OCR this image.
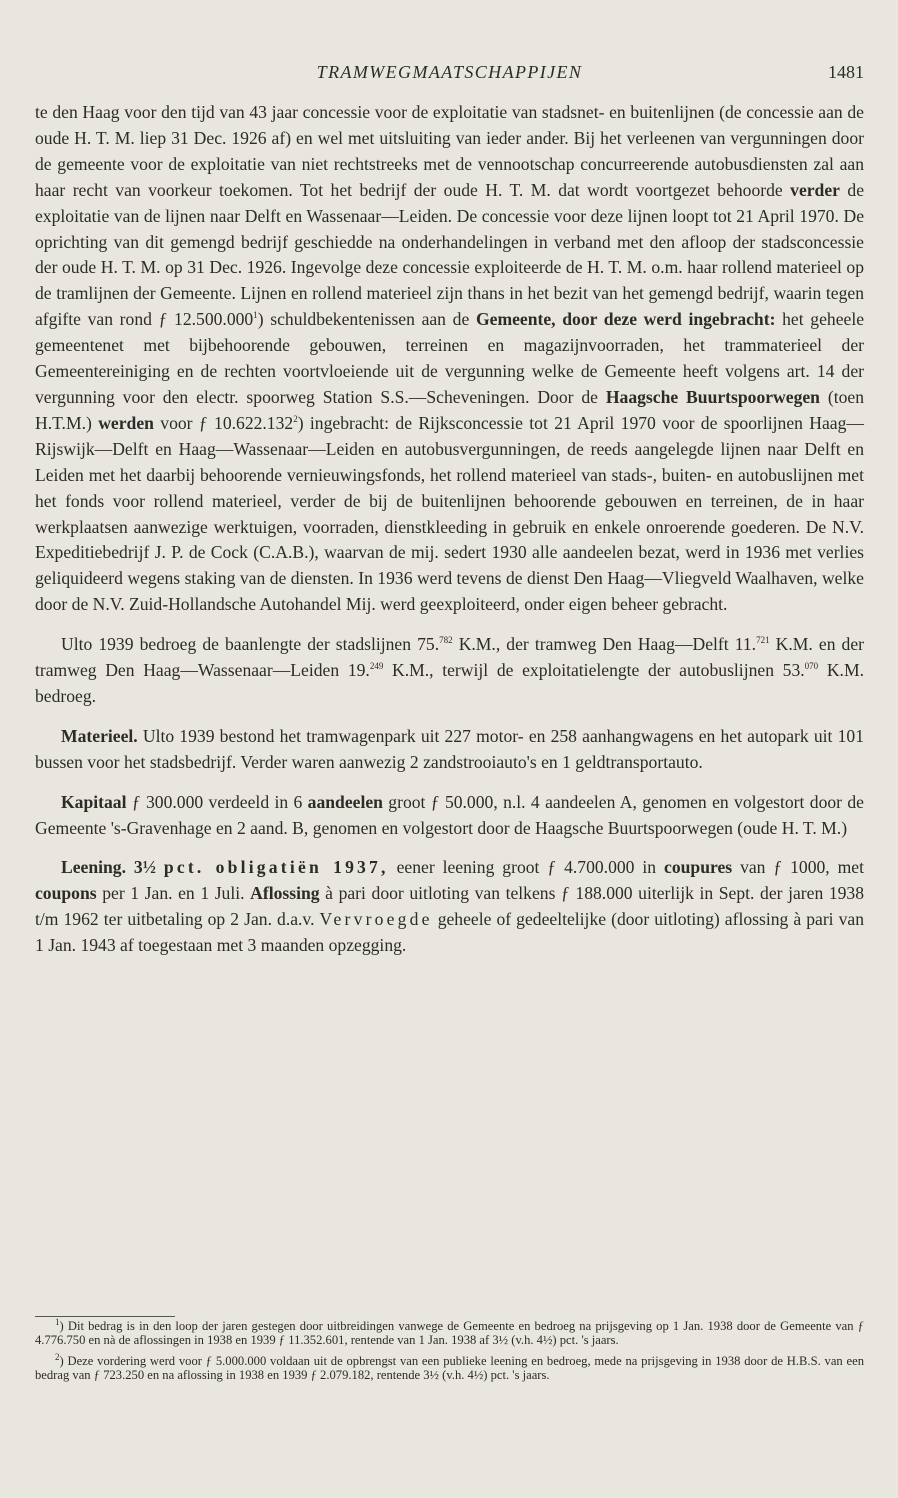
TRAMWEGMAATSCHAPPIJEN	1481

te den Haag voor den tijd van 43 jaar concessie voor de exploitatie van stadsnet- en buitenlijnen (de concessie aan de oude H. T. M. liep 31 Dec. 1926 af) en wel met uitsluiting van ieder ander. Bij het verleenen van vergunningen door de gemeente voor de exploitatie van niet rechtstreeks met de vennootschap concurreerende autobusdiensten zal aan haar recht van voorkeur toekomen. Tot het bedrijf der oude H. T. M. dat wordt voortgezet behoorde verder de exploitatie van de lijnen naar Delft en Wassenaar—Leiden. De concessie voor deze lijnen loopt tot 21 April 1970. De oprichting van dit gemengd bedrijf geschiedde na onderhandelingen in verband met den afloop der stadsconcessie der oude H. T. M. op 31 Dec. 1926. Ingevolge deze concessie exploiteerde de H. T. M. o.m. haar rollend materieel op de tramlijnen der Gemeente. Lijnen en rollend materieel zijn thans in het bezit van het gemengd bedrijf, waarin tegen afgifte van rond ƒ 12.500.000$^1$) schuldbekentenissen aan de Gemeente, door deze werd ingebracht: het geheele gemeentenet met bijbehoorende gebouwen, terreinen en magazijnvoorraden, het trammaterieel der Gemeentereiniging en de rechten voortvloeiende uit de vergunning welke de Gemeente heeft volgens art. 14 der vergunning voor den electr. spoorweg Station S.S.—Scheveningen. Door de Haagsche Buurtspoorwegen (toen H.T.M.) werden voor ƒ 10.622.132$^2$) ingebracht: de Rijksconcessie tot 21 April 1970 voor de spoorlijnen Haag—Rijswijk—Delft en Haag—Wassenaar—Leiden en autobusvergunningen, de reeds aangelegde lijnen naar Delft en Leiden met het daarbij behoorende vernieuwingsfonds, het rollend materieel van stads-, buiten- en autobuslijnen met het fonds voor rollend materieel, verder de bij de buitenlijnen behoorende gebouwen en terreinen, de in haar werkplaatsen aanwezige werktuigen, voorraden, dienstkleeding in gebruik en enkele onroerende goederen. De N.V. Expeditiebedrijf J. P. de Cock (C.A.B.), waarvan de mij. sedert 1930 alle aandeelen bezat, werd in 1936 met verlies geliquideerd wegens staking van de diensten. In 1936 werd tevens de dienst Den Haag—Vliegveld Waalhaven, welke door de N.V. Zuid-Hollandsche Autohandel Mij. werd geexploiteerd, onder eigen beheer gebracht.

Ulto 1939 bedroeg de baanlengte der stadslijnen 75.$^{782}$ K.M., der tramweg Den Haag—Delft 11.$^{721}$ K.M. en der tramweg Den Haag—Wassenaar—Leiden 19.$^{249}$ K.M., terwijl de exploitatielengte der autobuslijnen 53.$^{070}$ K.M. bedroeg.

Materieel. Ulto 1939 bestond het tramwagenpark uit 227 motor- en 258 aanhangwagens en het autopark uit 101 bussen voor het stadsbedrijf. Verder waren aanwezig 2 zandstrooiauto's en 1 geldtransportauto.

Kapitaal ƒ 300.000 verdeeld in 6 aandeelen groot ƒ 50.000, n.l. 4 aandeelen A, genomen en volgestort door de Gemeente 's-Gravenhage en 2 aand. B, genomen en volgestort door de Haagsche Buurtspoorwegen (oude H. T. M.)

Leening. 3½ pct. obligatiën 1937, eener leening groot ƒ 4.700.000 in coupures van ƒ 1000, met coupons per 1 Jan. en 1 Juli. Aflossing à pari door uitloting van telkens ƒ 188.000 uiterlijk in Sept. der jaren 1938 t/m 1962 ter uitbetaling op 2 Jan. d.a.v. Vervroegde geheele of gedeeltelijke (door uitloting) aflossing à pari van 1 Jan. 1943 af toegestaan met 3 maanden opzegging.

$^1$) Dit bedrag is in den loop der jaren gestegen door uitbreidingen vanwege de Gemeente en bedroeg na prijsgeving op 1 Jan. 1938 door de Gemeente van ƒ 4.776.750 en nà de aflossingen in 1938 en 1939 ƒ 11.352.601, rentende van 1 Jan. 1938 af 3½ (v.h. 4½) pct. 's jaars.

$^2$) Deze vordering werd voor ƒ 5.000.000 voldaan uit de opbrengst van een publieke leening en bedroeg, mede na prijsgeving in 1938 door de H.B.S. van een bedrag van ƒ 723.250 en na aflossing in 1938 en 1939 ƒ 2.079.182, rentende 3½ (v.h. 4½) pct. 's jaars.
